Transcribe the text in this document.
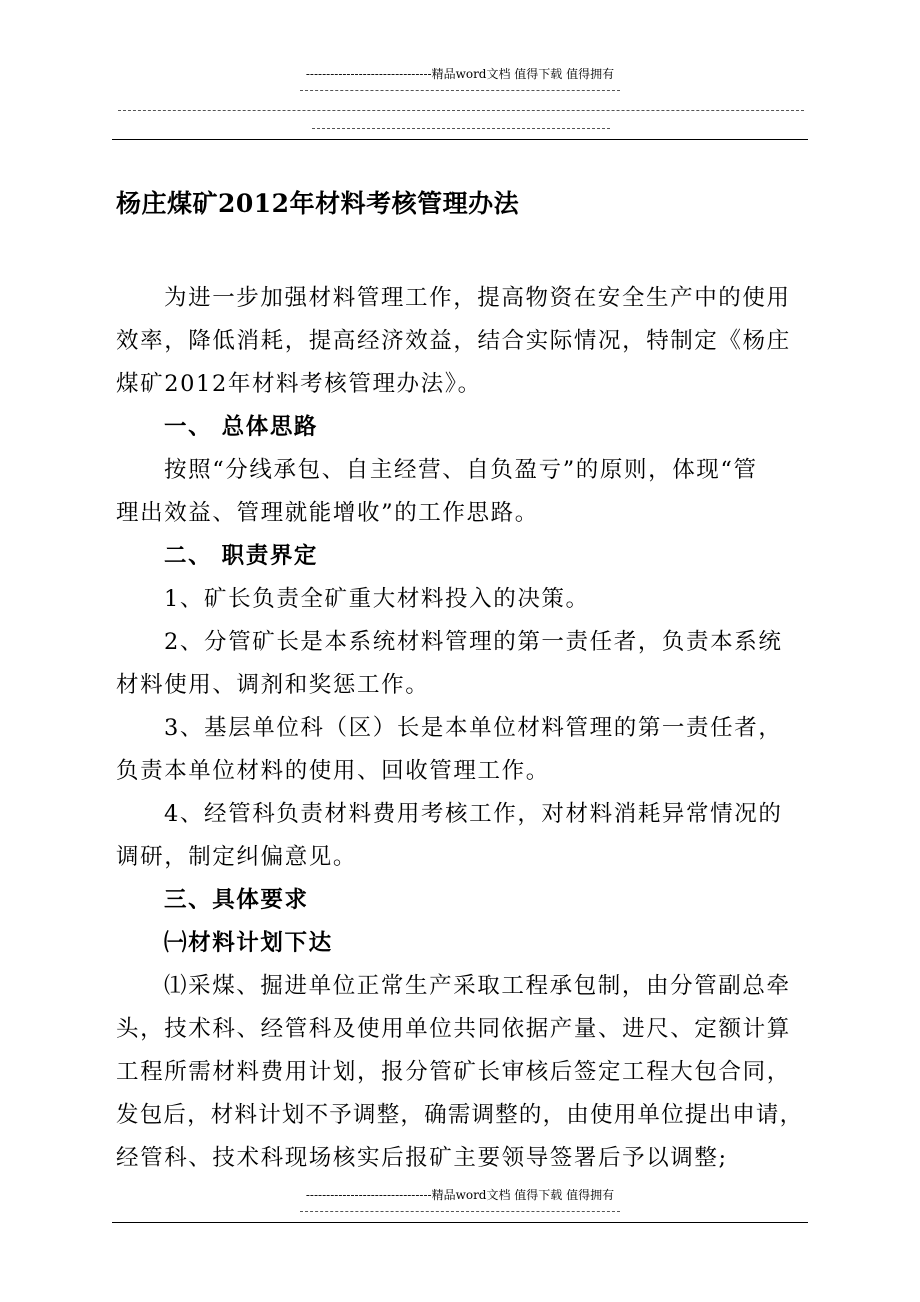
-------------------------------精品word文档 值得下载 值得拥有
杨庄煤矿2012年材料考核管理办法
为进一步加强材料管理工作，提高物资在安全生产中的使用
效率，降低消耗，提高经济效益，结合实际情况，特制定《杨庄
煤矿2012年材料考核管理办法》。
一、 总体思路
按照“分线承包、自主经营、自负盈亏”的原则，体现“管
理出效益、管理就能增收”的工作思路。
二、 职责界定
1、矿长负责全矿重大材料投入的决策。
2、分管矿长是本系统材料管理的第一责任者，负责本系统
材料使用、调剂和奖惩工作。
3、基层单位科（区）长是本单位材料管理的第一责任者，
负责本单位材料的使用、回收管理工作。
4、经管科负责材料费用考核工作，对材料消耗异常情况的
调研，制定纠偏意见。
三、具体要求
㈠材料计划下达
⑴采煤、掘进单位正常生产采取工程承包制，由分管副总牵
头，技术科、经管科及使用单位共同依据产量、进尺、定额计算
工程所需材料费用计划，报分管矿长审核后签定工程大包合同，
发包后，材料计划不予调整，确需调整的，由使用单位提出申请，
经管科、技术科现场核实后报矿主要领导签署后予以调整;
-------------------------------精品word文档 值得下载 值得拥有
